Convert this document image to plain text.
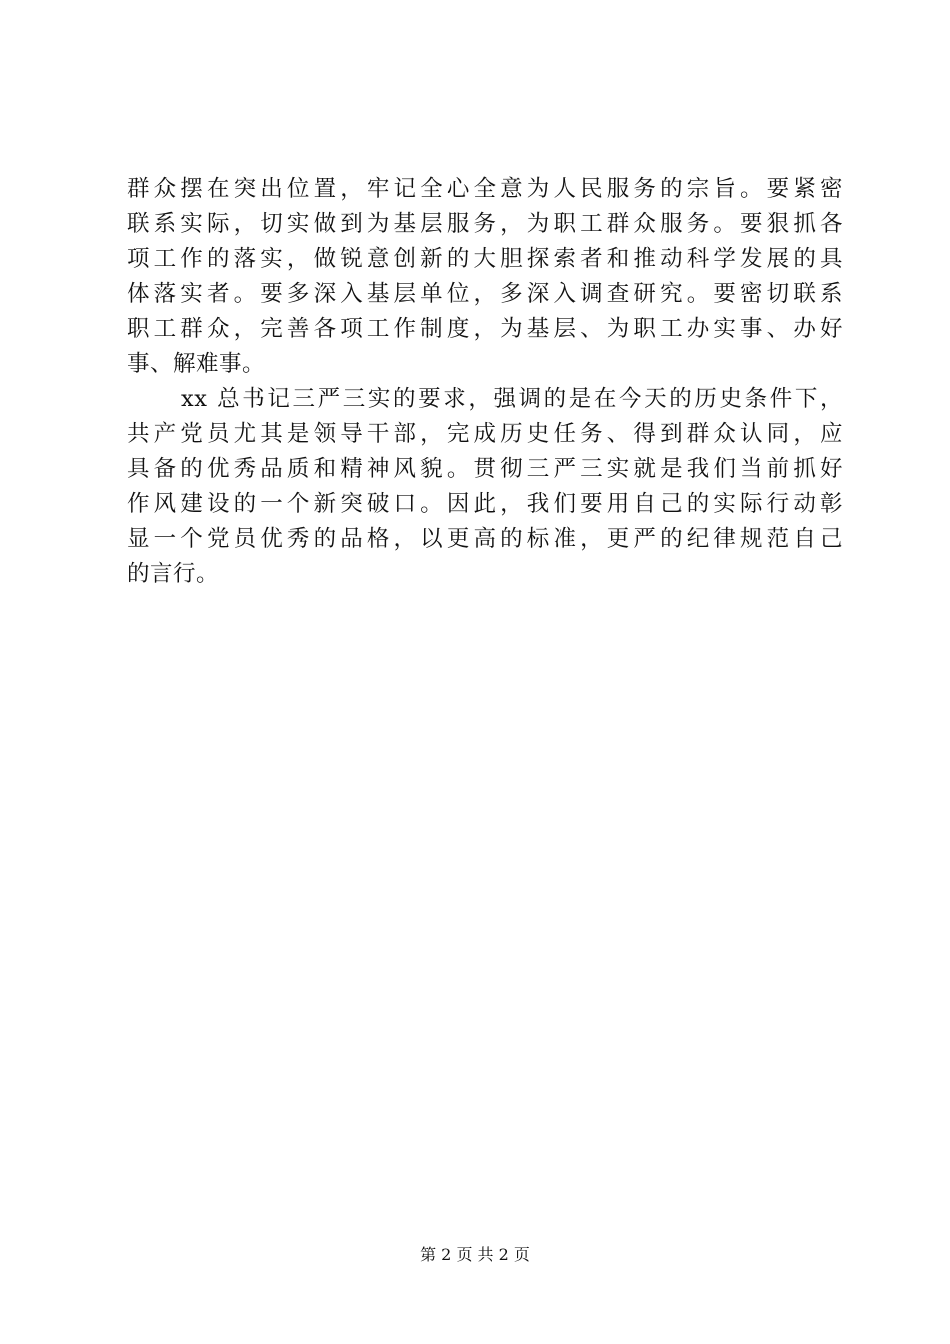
群众摆在突出位置，牢记全心全意为人民服务的宗旨。要紧密
联系实际，切实做到为基层服务，为职工群众服务。要狠抓各
项工作的落实，做锐意创新的大胆探索者和推动科学发展的具
体落实者。要多深入基层单位，多深入调查研究。要密切联系
职工群众，完善各项工作制度，为基层、为职工办实事、办好
事、解难事。
xx 总书记三严三实的要求，强调的是在今天的历史条件下，
共产党员尤其是领导干部，完成历史任务、得到群众认同，应
具备的优秀品质和精神风貌。贯彻三严三实就是我们当前抓好
作风建设的一个新突破口。因此，我们要用自己的实际行动彰
显一个党员优秀的品格，以更高的标准，更严的纪律规范自己
的言行。
第 2 页 共 2 页
